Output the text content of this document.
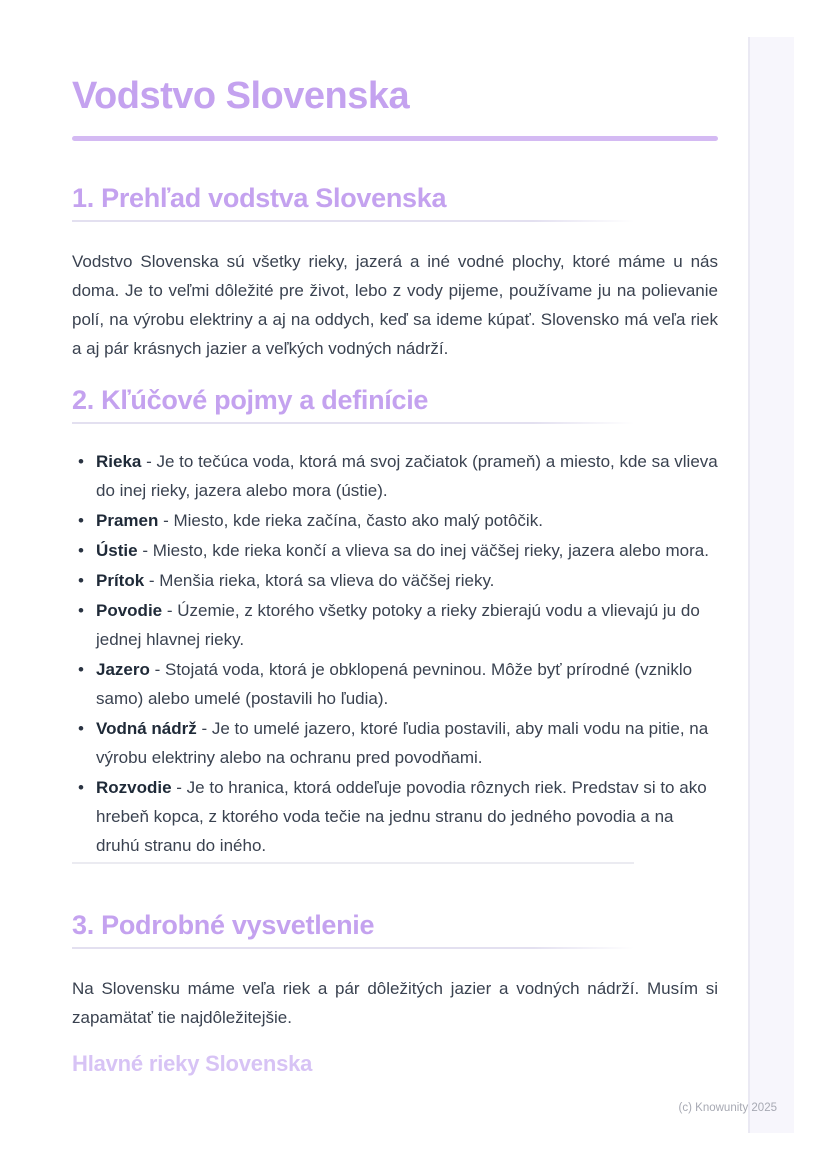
Vodstvo Slovenska
1. Prehľad vodstva Slovenska

Vodstvo Slovenska sú všetky rieky, jazerá a iné vodné plochy, ktoré máme u nás doma. Je to veľmi dôležité pre život, lebo z vody pijeme, používame ju na polievanie polí, na výrobu elektriny a aj na oddych, keď sa ideme kúpať. Slovensko má veľa riek a aj pár krásnych jazier a veľkých vodných nádrží.

2. Kľúčové pojmy a definície
• Rieka - Je to tečúca voda, ktorá má svoj začiatok (prameň) a miesto, kde sa vlieva do inej rieky, jazera alebo mora (ústie).
• Pramen - Miesto, kde rieka začína, často ako malý potôčik.
• Ústie - Miesto, kde rieka končí a vlieva sa do inej väčšej rieky, jazera alebo mora.
• Prítok - Menšia rieka, ktorá sa vlieva do väčšej rieky.
• Povodie - Územie, z ktorého všetky potoky a rieky zbierajú vodu a vlievajú ju do jednej hlavnej rieky.
• Jazero - Stojatá voda, ktorá je obklopená pevninou. Môže byť prírodné (vzniklo samo) alebo umelé (postavili ho ľudia).
• Vodná nádrž - Je to umelé jazero, ktoré ľudia postavili, aby mali vodu na pitie, na výrobu elektriny alebo na ochranu pred povodňami.
• Rozvodie - Je to hranica, ktorá oddeľuje povodia rôznych riek. Predstav si to ako hrebeň kopca, z ktorého voda tečie na jednu stranu do jedného povodia a na druhú stranu do iného.
3. Podrobné vysvetlenie

Na Slovensku máme veľa riek a pár dôležitých jazier a vodných nádrží. Musím si zapamätať tie najdôležitejšie.

Hlavné rieky Slovenska
(c) Knowunity 2025
